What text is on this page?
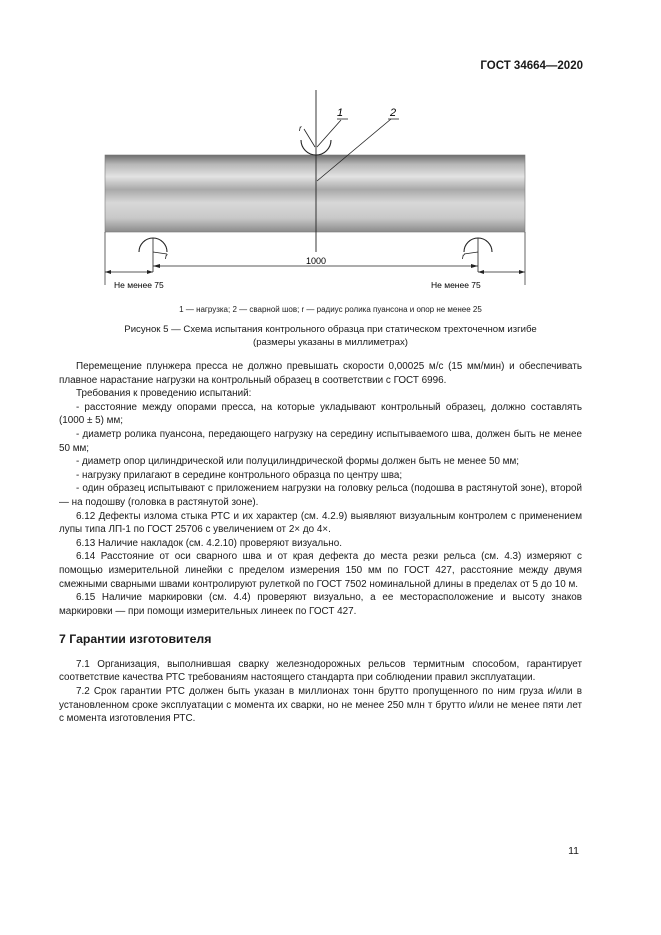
ГОСТ 34664—2020
r
1	2
r	r
1000
Не менее 75	Не менее 75
1 — нагрузка; 2 — сварной шов; r — радиус ролика пуансона и опор не менее 25
Рисунок 5 — Схема испытания контрольного образца при статическом трехточечном изгибе
(размеры указаны в миллиметрах)

Перемещение плунжера пресса не должно превышать скорости 0,00025 м/с (15 мм/мин) и обеспечивать плавное нарастание нагрузки на контрольный образец в соответствии с ГОСТ 6996.

Требования к проведению испытаний:

- расстояние между опорами пресса, на которые укладывают контрольный образец, должно составлять (1000 ± 5) мм;

- диаметр ролика пуансона, передающего нагрузку на середину испытываемого шва, должен быть не менее 50 мм;

- диаметр опор цилиндрической или полуцилиндрической формы должен быть не менее 50 мм;

- нагрузку прилагают в середине контрольного образца по центру шва;

- один образец испытывают с приложением нагрузки на головку рельса (подошва в растянутой зоне), второй — на подошву (головка в растянутой зоне).

6.12 Дефекты излома стыка РТС и их характер (см. 4.2.9) выявляют визуальным контролем с применением лупы типа ЛП-1 по ГОСТ 25706 с увеличением от 2× до 4×.

6.13 Наличие накладок (см. 4.2.10) проверяют визуально.

6.14 Расстояние от оси сварного шва и от края дефекта до места резки рельса (см. 4.3) измеряют с помощью измерительной линейки с пределом измерения 150 мм по ГОСТ 427, расстояние между двумя смежными сварными швами контролируют рулеткой по ГОСТ 7502 номинальной длины в пределах от 5 до 10 м.

6.15 Наличие маркировки (см. 4.4) проверяют визуально, а ее месторасположение и высоту знаков маркировки — при помощи измерительных линеек по ГОСТ 427.

7 Гарантии изготовителя

7.1 Организация, выполнившая сварку железнодорожных рельсов термитным способом, гарантирует соответствие качества РТС требованиям настоящего стандарта при соблюдении правил эксплуатации.

7.2 Срок гарантии РТС должен быть указан в миллионах тонн брутто пропущенного по ним груза и/или в установленном сроке эксплуатации с момента их сварки, но не менее 250 млн т брутто и/или не менее пяти лет с момента изготовления РТС.

11
